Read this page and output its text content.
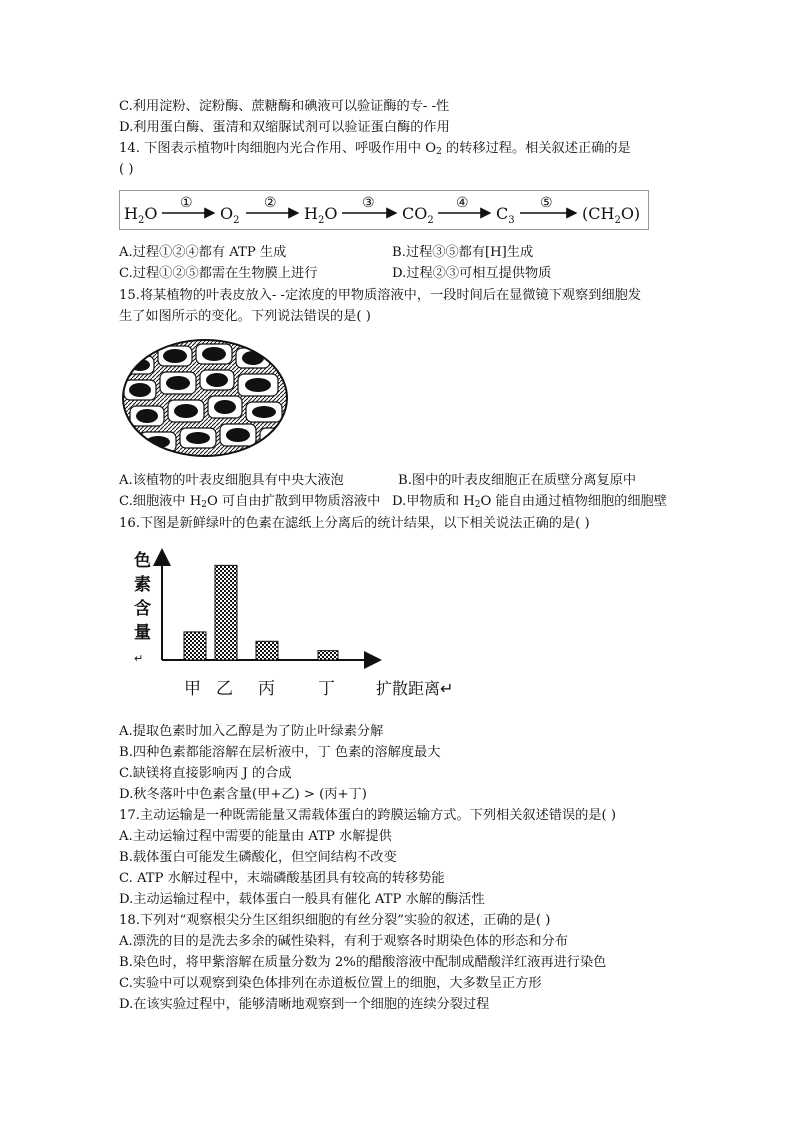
C.利用淀粉、淀粉酶、蔗糖酶和碘液可以验证酶的专- -性
D.利用蛋白酶、蛋清和双缩脲试剂可以验证蛋白酶的作用
14. 下图表示植物叶肉细胞内光合作用、呼吸作用中 $O_2$ 的转移过程。相关叙述正确的是
( )
$H_2O$
①
$O_2$
②
$H_2O$
③
$CO_2$
④
$C_3$
⑤
$(CH_2O)$
A.过程①②④都有 ATP 生成	B.过程③⑤都有[H]生成
C.过程①②⑤都需在生物膜上进行	D.过程②③可相互提供物质
15.将某植物的叶表皮放入- -定浓度的甲物质溶液中，一段时间后在显微镜下观察到细胞发
生了如图所示的变化。下列说法错误的是( )
A.该植物的叶表皮细胞具有中央大液泡	B.图中的叶表皮细胞正在质壁分离复原中
C.细胞液中 $H_2O$ 可自由扩散到甲物质溶液中 D.甲物质和 $H_2O$ 能自由通过植物细胞的细胞壁
16.下图是新鲜绿叶的色素在滤纸上分离后的统计结果，以下相关说法正确的是( )
色
素
含
量
↵
甲 乙 丙	丁	扩散距离↵
A.提取色素时加入乙醇是为了防止叶绿素分解
B.四种色素都能溶解在层析液中，丁 色素的溶解度最大
C.缺镁将直接影响丙 J 的合成
D.秋冬落叶中色素含量(甲+乙) > (丙+丁)
17.主动运输是一种既需能量又需载体蛋白的跨膜运输方式。下列相关叙述错误的是( )
A.主动运输过程中需要的能量由 ATP 水解提供
B.载体蛋白可能发生磷酸化，但空间结构不改变
C. ATP 水解过程中，末端磷酸基团具有较高的转移势能
D.主动运输过程中，载体蛋白一般具有催化 ATP 水解的酶活性
18.下列对“观察根尖分生区组织细胞的有丝分裂”实验的叙述，正确的是( )
A.漂洗的目的是洗去多余的碱性染料，有利于观察各时期染色体的形态和分布
B.染色时，将甲紫溶解在质量分数为 2%的醋酸溶液中配制成醋酸洋红液再进行染色
C.实验中可以观察到染色体排列在赤道板位置上的细胞，大多数呈正方形
D.在该实验过程中，能够清晰地观察到一个细胞的连续分裂过程
